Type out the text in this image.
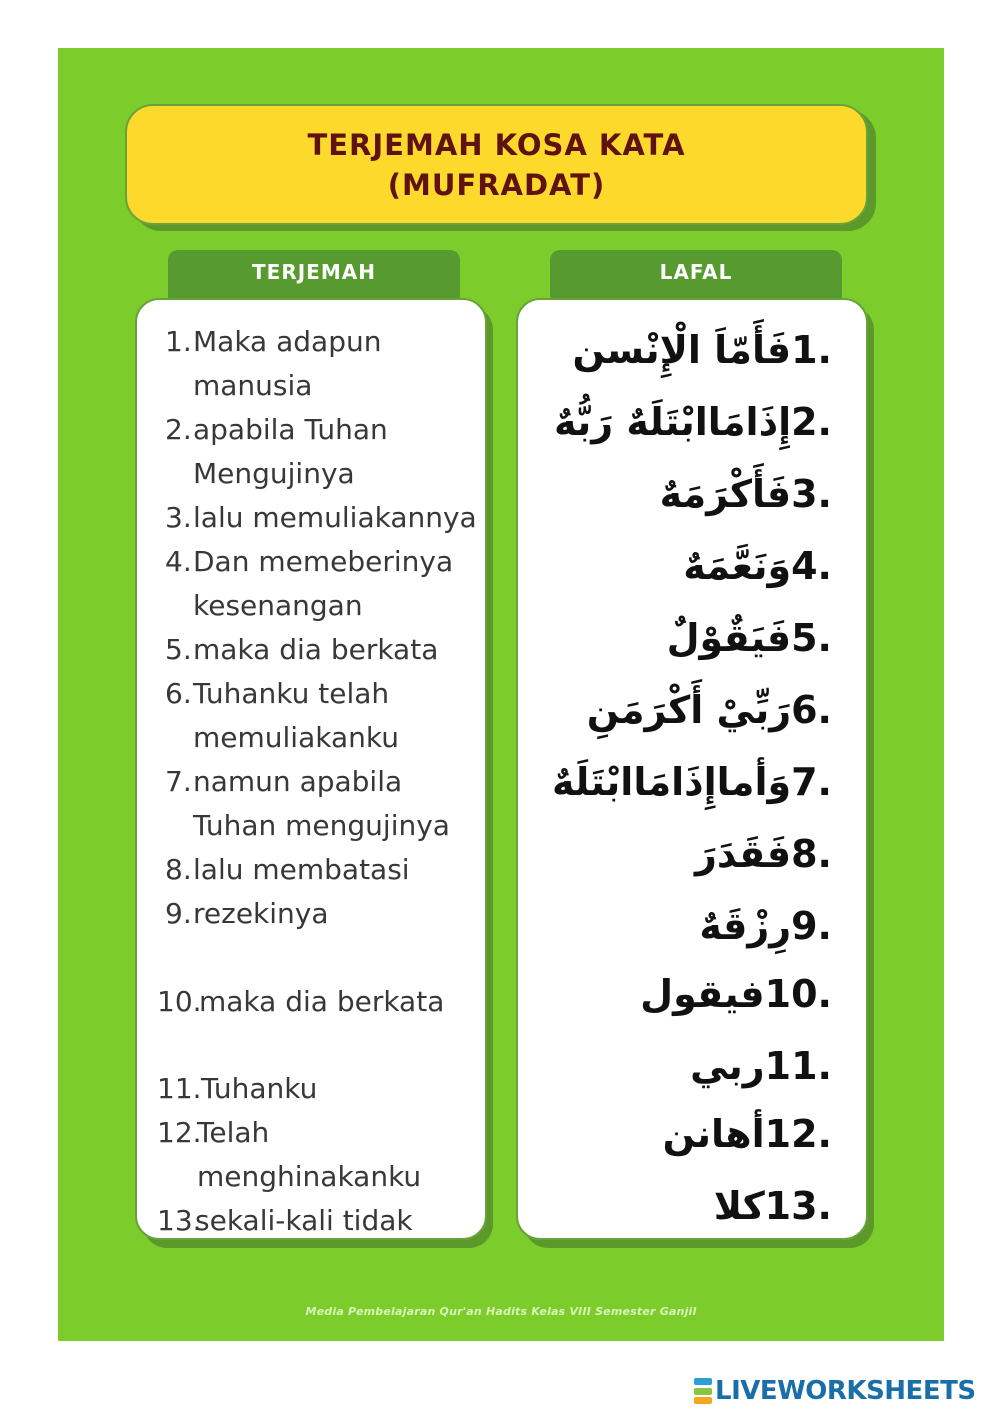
TERJEMAH KOSA KATA
(MUFRADAT)
TERJEMAH	LAFAL
1. Maka adapun
manusia
2. apabila Tuhan
Mengujinya
3. lalu memuliakannya
4. Dan memeberinya
kesenangan
5. maka dia berkata
6. Tuhanku telah
memuliakanku
7. namun apabila
Tuhan mengujinya
8. lalu membatasi
9. rezekinya
10.
maka dia berkata
11. Tuhanku
12.
Telah
menghinakanku
13.
sekali-kali tidak
فَأَمّاَ الْإِنْسن1.
إِذَامَاابْتَلَهٌ رَبُّهٌ2.
فَأَكْرَمَهٌ3.
وَنَعَّمَهٌ4.
فَيَقٌوْلٌ5.
رَبِّيْ أَكْرَمَنِ6.
وَأماإِذَامَاابْتَلَهٌ7.
فَقَدَرَ8.
رِزْقَهٌ9.
فيقول10.
ربي11.
أهانن12.
كلا13.
Media Pembelajaran Qur'an Hadits Kelas VIII Semester Ganjil
LIVEWORKSHEETS
